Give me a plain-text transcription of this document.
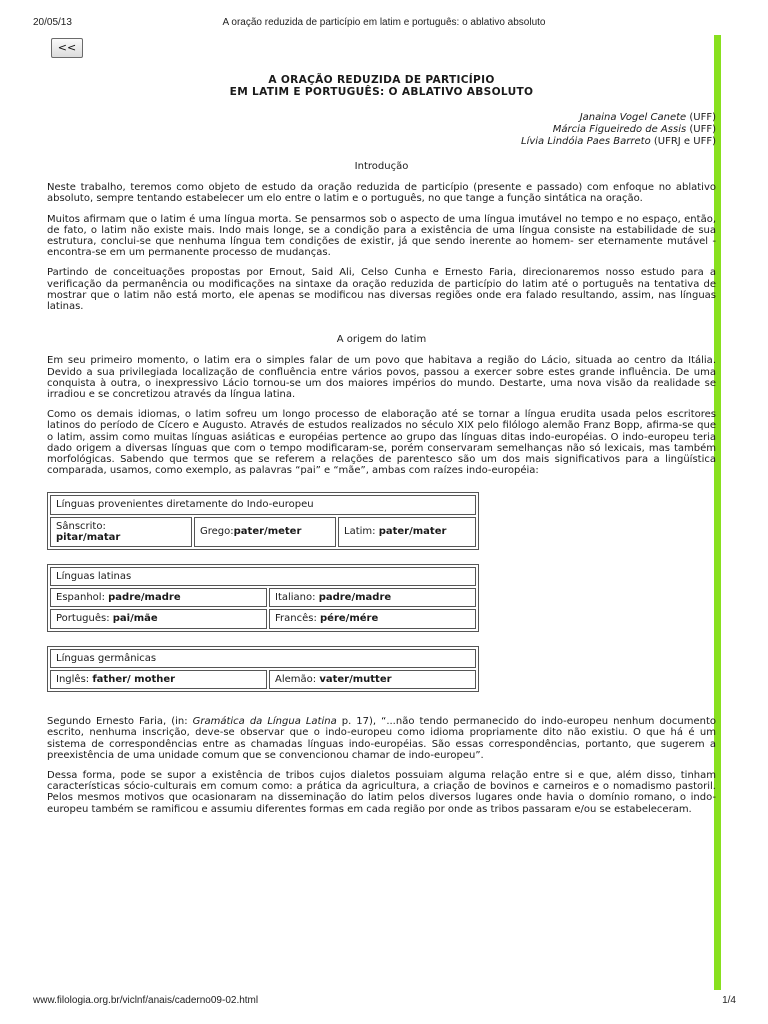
20/05/13	A oração reduzida de particípio em latim e português: o ablativo absoluto
<<

A ORAÇÃO REDUZIDA DE PARTICÍPIO
EM LATIM E PORTUGUÊS: O ABLATIVO ABSOLUTO

Janaina Vogel Canete (UFF)
Márcia Figueiredo de Assis (UFF)
Lívia Lindóia Paes Barreto (UFRJ e UFF)
Introdução

Neste trabalho, teremos como objeto de estudo da oração reduzida de particípio (presente e passado) com enfoque no ablativo absoluto, sempre tentando estabelecer um elo entre o latim e o português, no que tange a função sintática na oração.

Muitos afirmam que o latim é uma língua morta. Se pensarmos sob o aspecto de uma língua imutável no tempo e no espaço, então, de fato, o latim não existe mais. Indo mais longe, se a condição para a existência de uma língua consiste na estabilidade de sua estrutura, conclui-se que nenhuma língua tem condições de existir, já que sendo inerente ao homem- ser eternamente mutável - encontra-se em um permanente processo de mudanças.

Partindo de conceituações propostas por Ernout, Said Ali, Celso Cunha e Ernesto Faria, direcionaremos nosso estudo para a verificação da permanência ou modificações na sintaxe da oração reduzida de particípio do latim até o português na tentativa de mostrar que o latim não está morto, ele apenas se modificou nas diversas regiões onde era falado resultando, assim, nas línguas latinas.

A origem do latim

Em seu primeiro momento, o latim era o simples falar de um povo que habitava a região do Lácio, situada ao centro da Itália. Devido a sua privilegiada localização de confluência entre vários povos, passou a exercer sobre estes grande influência. De uma conquista à outra, o inexpressivo Lácio tornou-se um dos maiores impérios do mundo. Destarte, uma nova visão da realidade se irradiou e se concretizou através da língua latina.

Como os demais idiomas, o latim sofreu um longo processo de elaboração até se tornar a língua erudita usada pelos escritores latinos do período de Cícero e Augusto. Através de estudos realizados no século XIX pelo filólogo alemão Franz Bopp, afirma-se que o latim, assim como muitas línguas asiáticas e européias pertence ao grupo das línguas ditas indo-européias. O indo-europeu teria dado origem a diversas línguas que com o tempo modificaram-se, porém conservaram semelhanças não só lexicais, mas também morfológicas. Sabendo que termos que se referem a relações de parentesco são um dos mais significativos para a lingüística comparada, usamos, como exemplo, as palavras “pai” e “mãe”, ambas com raízes indo-européia:

Línguas provenientes diretamente do Indo-europeu
Sânscrito:
pitar/matar	Grego:pater/meter	Latim: pater/mater
Línguas latinas	
Espanhol: padre/madre	Italiano: padre/madre
Português: pai/mãe	Francês: pére/mére
Línguas germânicas
Inglês: father/ mother	Alemão: vater/mutter

Segundo Ernesto Faria, (in: Gramática da Língua Latina p. 17), “...não tendo permanecido do indo-europeu nenhum documento escrito, nenhuma inscrição, deve-se observar que o indo-europeu como idioma propriamente dito não existiu. O que há é um sistema de correspondências entre as chamadas línguas indo-européias. São essas correspondências, portanto, que sugerem a preexistência de uma unidade comum que se convencionou chamar de indo-europeu”.

Dessa forma, pode se supor a existência de tribos cujos dialetos possuiam alguma relação entre si e que, além disso, tinham características sócio-culturais em comum como: a prática da agricultura, a criação de bovinos e carneiros e o nomadismo pastoril. Pelos mesmos motivos que ocasionaram na disseminação do latim pelos diversos lugares onde havia o domínio romano, o indo-europeu também se ramificou e assumiu diferentes formas em cada região por onde as tribos passaram e/ou se estabeleceram.

www.filologia.org.br/viclnf/anais/caderno09-02.html	1/4
